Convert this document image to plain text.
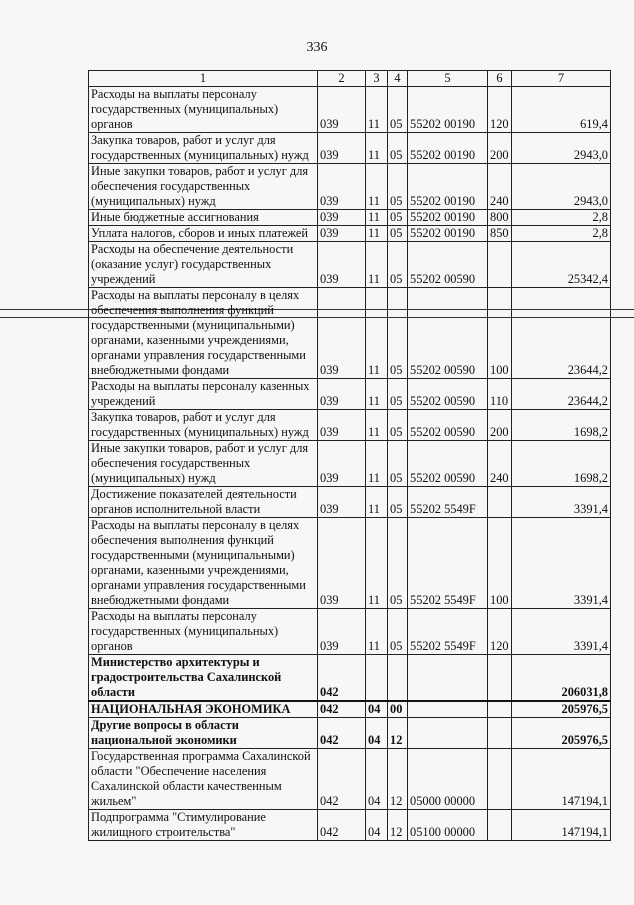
336
1	2	3	4	5	6	7
Расходы на выплаты персоналу государственных (муниципальных) органов	039	11	05	55202 00190	120	619,4
Закупка товаров, работ и услуг для государственных (муниципальных) нужд	039	11	05	55202 00190	200	2943,0
Иные закупки товаров, работ и услуг для обеспечения государственных (муниципальных) нужд	039	11	05	55202 00190	240	2943,0
Иные бюджетные ассигнования	039	11	05	55202 00190	800	2,8
Уплата налогов, сборов и иных платежей	039	11	05	55202 00190	850	2,8
Расходы на обеспечение деятельности (оказание услуг) государственных учреждений	039	11	05	55202 00590		25342,4
Расходы на выплаты персоналу в целях обеспечения выполнения функций государственными (муниципальными) органами, казенными учреждениями, органами управления государственными внебюджетными фондами	039	11	05	55202 00590	100	23644,2
Расходы на выплаты персоналу казенных учреждений	039	11	05	55202 00590	110	23644,2
Закупка товаров, работ и услуг для государственных (муниципальных) нужд	039	11	05	55202 00590	200	1698,2
Иные закупки товаров, работ и услуг для обеспечения государственных (муниципальных) нужд	039	11	05	55202 00590	240	1698,2
Достижение показателей деятельности органов исполнительной власти	039	11	05	55202 5549F		3391,4
Расходы на выплаты персоналу в целях обеспечения выполнения функций государственными (муниципальными) органами, казенными учреждениями, органами управления государственными внебюджетными фондами	039	11	05	55202 5549F	100	3391,4
Расходы на выплаты персоналу государственных (муниципальных) органов	039	11	05	55202 5549F	120	3391,4
Министерство архитектуры и градостроительства Сахалинской области	042					206031,8
НАЦИОНАЛЬНАЯ ЭКОНОМИКА	042	04	00			205976,5
Другие вопросы в области национальной экономики	042	04	12			205976,5
Государственная программа Сахалинской области "Обеспечение населения Сахалинской области качественным жильем"	042	04	12	05000 00000		147194,1
Подпрограмма "Стимулирование жилищного строительства"	042	04	12	05100 00000		147194,1
